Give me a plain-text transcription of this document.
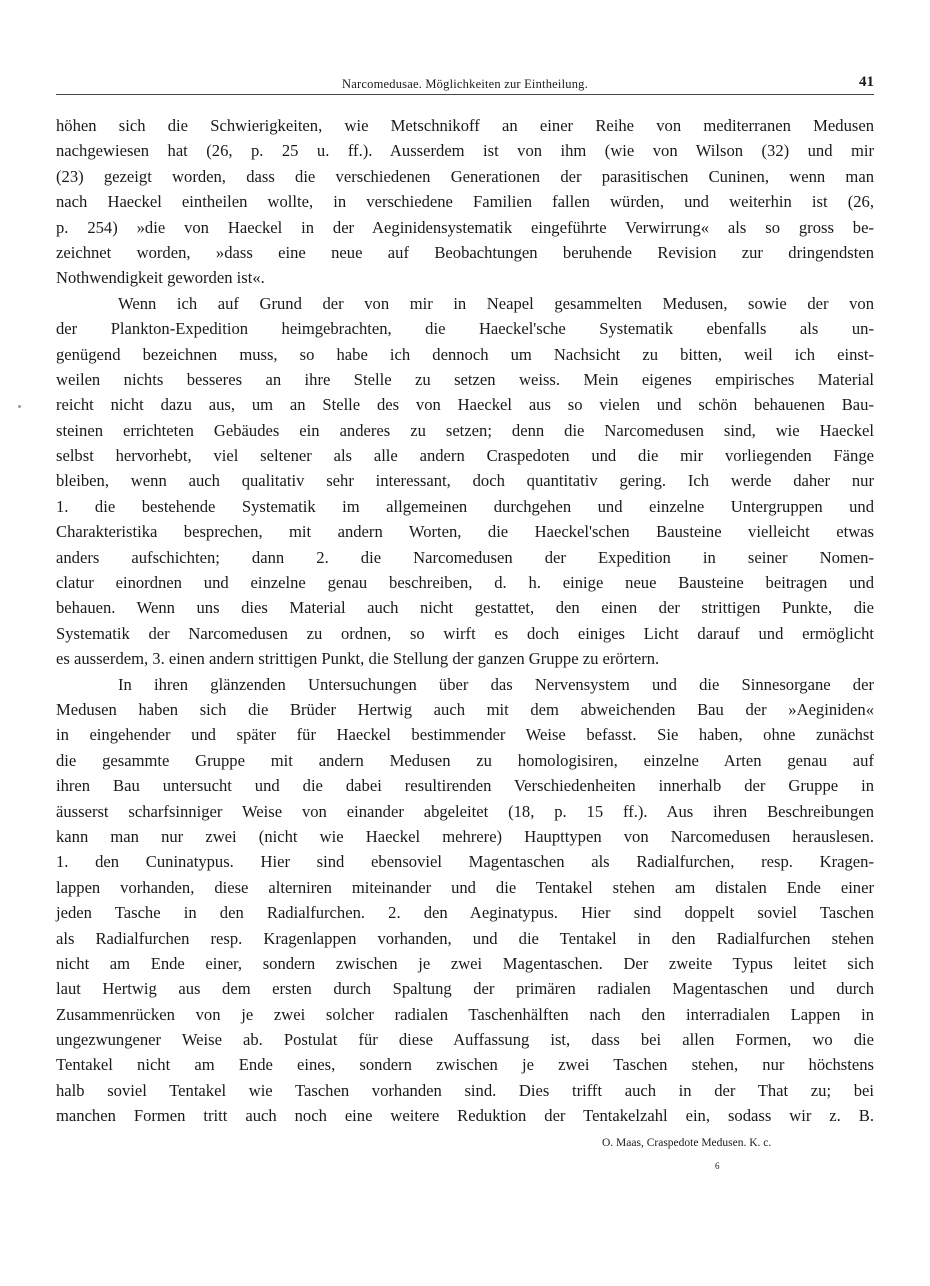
Narcomedusae. Möglichkeiten zur Eintheilung.	41
höhen sich die Schwierigkeiten, wie Metschnikoff an einer Reihe von mediterranen Medusen
nachgewiesen hat (26, p. 25 u. ff.). Ausserdem ist von ihm (wie von Wilson (32) und mir
(23) gezeigt worden, dass die verschiedenen Generationen der parasitischen Cuninen, wenn man
nach Haeckel eintheilen wollte, in verschiedene Familien fallen würden, und weiterhin ist (26,
p. 254) »die von Haeckel in der Aeginidensystematik eingeführte Verwirrung« als so gross be-
zeichnet worden, »dass eine neue auf Beobachtungen beruhende Revision zur dringendsten
Nothwendigkeit geworden ist«.
Wenn ich auf Grund der von mir in Neapel gesammelten Medusen, sowie der von
der Plankton-Expedition heimgebrachten, die Haeckel'sche Systematik ebenfalls als un-
genügend bezeichnen muss, so habe ich dennoch um Nachsicht zu bitten, weil ich einst-
weilen nichts besseres an ihre Stelle zu setzen weiss. Mein eigenes empirisches Material
reicht nicht dazu aus, um an Stelle des von Haeckel aus so vielen und schön behauenen Bau-
steinen errichteten Gebäudes ein anderes zu setzen; denn die Narcomedusen sind, wie Haeckel
selbst hervorhebt, viel seltener als alle andern Craspedoten und die mir vorliegenden Fänge
bleiben, wenn auch qualitativ sehr interessant, doch quantitativ gering. Ich werde daher nur
1. die bestehende Systematik im allgemeinen durchgehen und einzelne Untergruppen und
Charakteristika besprechen, mit andern Worten, die Haeckel'schen Bausteine vielleicht etwas
anders aufschichten; dann 2. die Narcomedusen der Expedition in seiner Nomen-
clatur einordnen und einzelne genau beschreiben, d. h. einige neue Bausteine beitragen und
behauen. Wenn uns dies Material auch nicht gestattet, den einen der strittigen Punkte, die
Systematik der Narcomedusen zu ordnen, so wirft es doch einiges Licht darauf und ermöglicht
es ausserdem, 3. einen andern strittigen Punkt, die Stellung der ganzen Gruppe zu erörtern.
In ihren glänzenden Untersuchungen über das Nervensystem und die Sinnesorgane der
Medusen haben sich die Brüder Hertwig auch mit dem abweichenden Bau der »Aeginiden«
in eingehender und später für Haeckel bestimmender Weise befasst. Sie haben, ohne zunächst
die gesammte Gruppe mit andern Medusen zu homologisiren, einzelne Arten genau auf
ihren Bau untersucht und die dabei resultirenden Verschiedenheiten innerhalb der Gruppe in
äusserst scharfsinniger Weise von einander abgeleitet (18, p. 15 ff.). Aus ihren Beschreibungen
kann man nur zwei (nicht wie Haeckel mehrere) Haupttypen von Narcomedusen herauslesen.
1. den Cuninatypus. Hier sind ebensoviel Magentaschen als Radialfurchen, resp. Kragen-
lappen vorhanden, diese alterniren miteinander und die Tentakel stehen am distalen Ende einer
jeden Tasche in den Radialfurchen. 2. den Aeginatypus. Hier sind doppelt soviel Taschen
als Radialfurchen resp. Kragenlappen vorhanden, und die Tentakel in den Radialfurchen stehen
nicht am Ende einer, sondern zwischen je zwei Magentaschen. Der zweite Typus leitet sich
laut Hertwig aus dem ersten durch Spaltung der primären radialen Magentaschen und durch
Zusammenrücken von je zwei solcher radialen Taschenhälften nach den interradialen Lappen in
ungezwungener Weise ab. Postulat für diese Auffassung ist, dass bei allen Formen, wo die
Tentakel nicht am Ende eines, sondern zwischen je zwei Taschen stehen, nur höchstens
halb soviel Tentakel wie Taschen vorhanden sind. Dies trifft auch in der That zu; bei
manchen Formen tritt auch noch eine weitere Reduktion der Tentakelzahl ein, sodass wir z. B.
O. Maas, Craspedote Medusen. K. c.
6
